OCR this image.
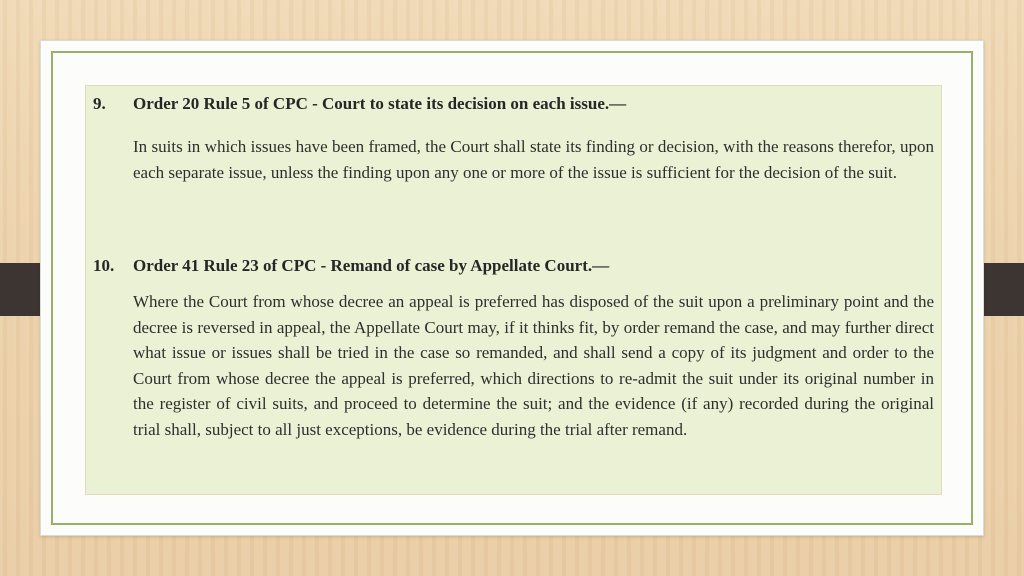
9. Order 20 Rule 5 of CPC - Court to state its decision on each issue.—

In suits in which issues have been framed, the Court shall state its finding or decision, with the reasons therefor, upon each separate issue, unless the finding upon any one or more of the issue is sufficient for the decision of the suit.

10. Order 41 Rule 23 of CPC - Remand of case by Appellate Court.—

Where the Court from whose decree an appeal is preferred has disposed of the suit upon a preliminary point and the decree is reversed in appeal, the Appellate Court may, if it thinks fit, by order remand the case, and may further direct what issue or issues shall be tried in the case so remanded, and shall send a copy of its judgment and order to the Court from whose decree the appeal is preferred, which directions to re-admit the suit under its original number in the register of civil suits, and proceed to determine the suit; and the evidence (if any) recorded during the original trial shall, subject to all just exceptions, be evidence during the trial after remand.
